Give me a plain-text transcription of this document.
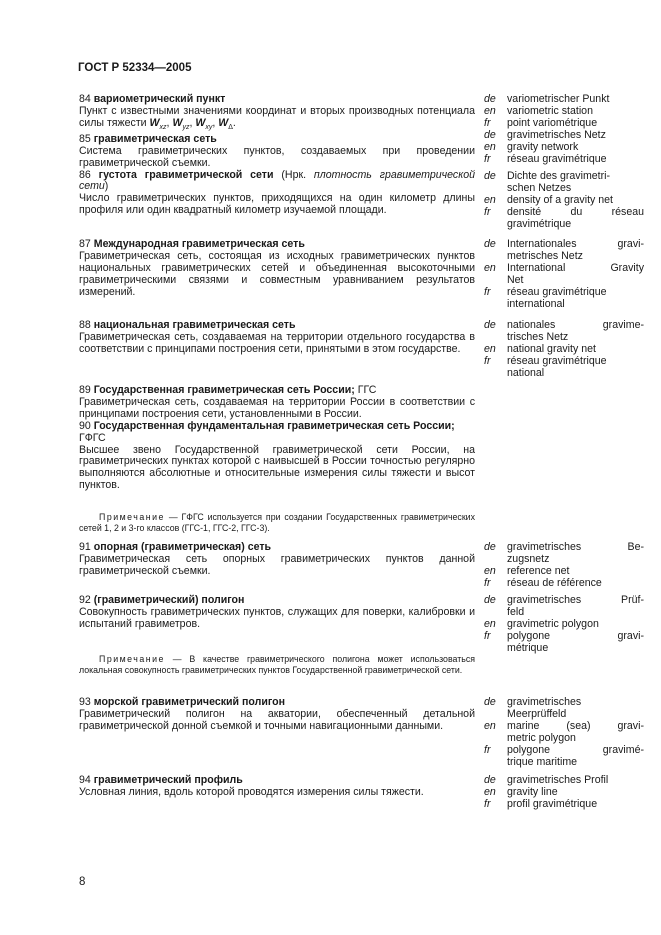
ГОСТ Р 52334—2005
84 вариометрический пункт
Пункт с известными значениями координат и вторых производных потенциала силы тяжести $W_{xz}$, $W_{yz}$, $W_{xy}$, $W_\Delta$.
85 гравиметрическая сеть
Система гравиметрических пунктов, создаваемых при проведении гравиметрической съемки.
86 густота гравиметрической сети (Нрк. плотность гравиметрической сети)
Число гравиметрических пунктов, приходящихся на один километр длины профиля или один квадратный километр изучаемой площади.
de	variometrischer Punkt
en	variometric station
fr	point variométrique
de	gravimetrisches Netz
en	gravity network
fr	réseau gravimétrique
de	Dichte des gravimetri-
schen Netzes
en	density of a gravity net
fr	densité du réseau
gravimétrique
87 Международная гравиметрическая сеть
Гравиметрическая сеть, состоящая из исходных гравиметрических пунктов национальных гравиметрических сетей и объединенная высокоточными гравиметрическими связями и совместным уравниванием результатов измерений.
de	Internationales gravi-
metrisches Netz
en	International Gravity
Net
fr	réseau gravimétrique
international
88 национальная гравиметрическая сеть
Гравиметрическая сеть, создаваемая на территории отдельного государства в соответствии с принципами построения сети, принятыми в этом государстве.
de	nationales gravime-
trisches Netz
en	national gravity net
fr	réseau gravimétrique
national
89 Государственная гравиметрическая сеть России; ГГС
Гравиметрическая сеть, создаваемая на территории России в соответствии с принципами построения сети, установленными в России.
90 Государственная фундаментальная гравиметрическая сеть России;
ГФГС
Высшее звено Государственной гравиметрической сети России, на гравиметрических пунктах которой с наивысшей в России точностью регулярно выполняются абсолютные и относительные измерения силы тяжести и высот пунктов.
Примечание — ГФГС используется при создании Государственных гравиметрических сетей 1, 2 и 3-го классов (ГГС-1, ГГС-2, ГГС-3).
91 опорная (гравиметрическая) сеть
Гравиметрическая сеть опорных гравиметрических пунктов данной гравиметрической съемки.
de	gravimetrisches Be-
zugsnetz
en	reference net
fr	réseau de référence
92 (гравиметрический) полигон
Совокупность гравиметрических пунктов, служащих для поверки, калибровки и испытаний гравиметров.
Примечание — В качестве гравиметрического полигона может использоваться локальная совокупность гравиметрических пунктов Государственной гравиметрической сети.
de	gravimetrisches Prüf-
feld
en	gravimetric polygon
fr	polygone gravi-
métrique
93 морской гравиметрический полигон
Гравиметрический полигон на акватории, обеспеченный детальной гравиметрической донной съемкой и точными навигационными данными.
de	gravimetrisches
Meerprüffeld
en	marine (sea) gravi-
metric polygon
fr	polygone gravimé-
trique maritime
94 гравиметрический профиль
Условная линия, вдоль которой проводятся измерения силы тяжести.
de	gravimetrisches Profil
en	gravity line
fr	profil gravimétrique
8
